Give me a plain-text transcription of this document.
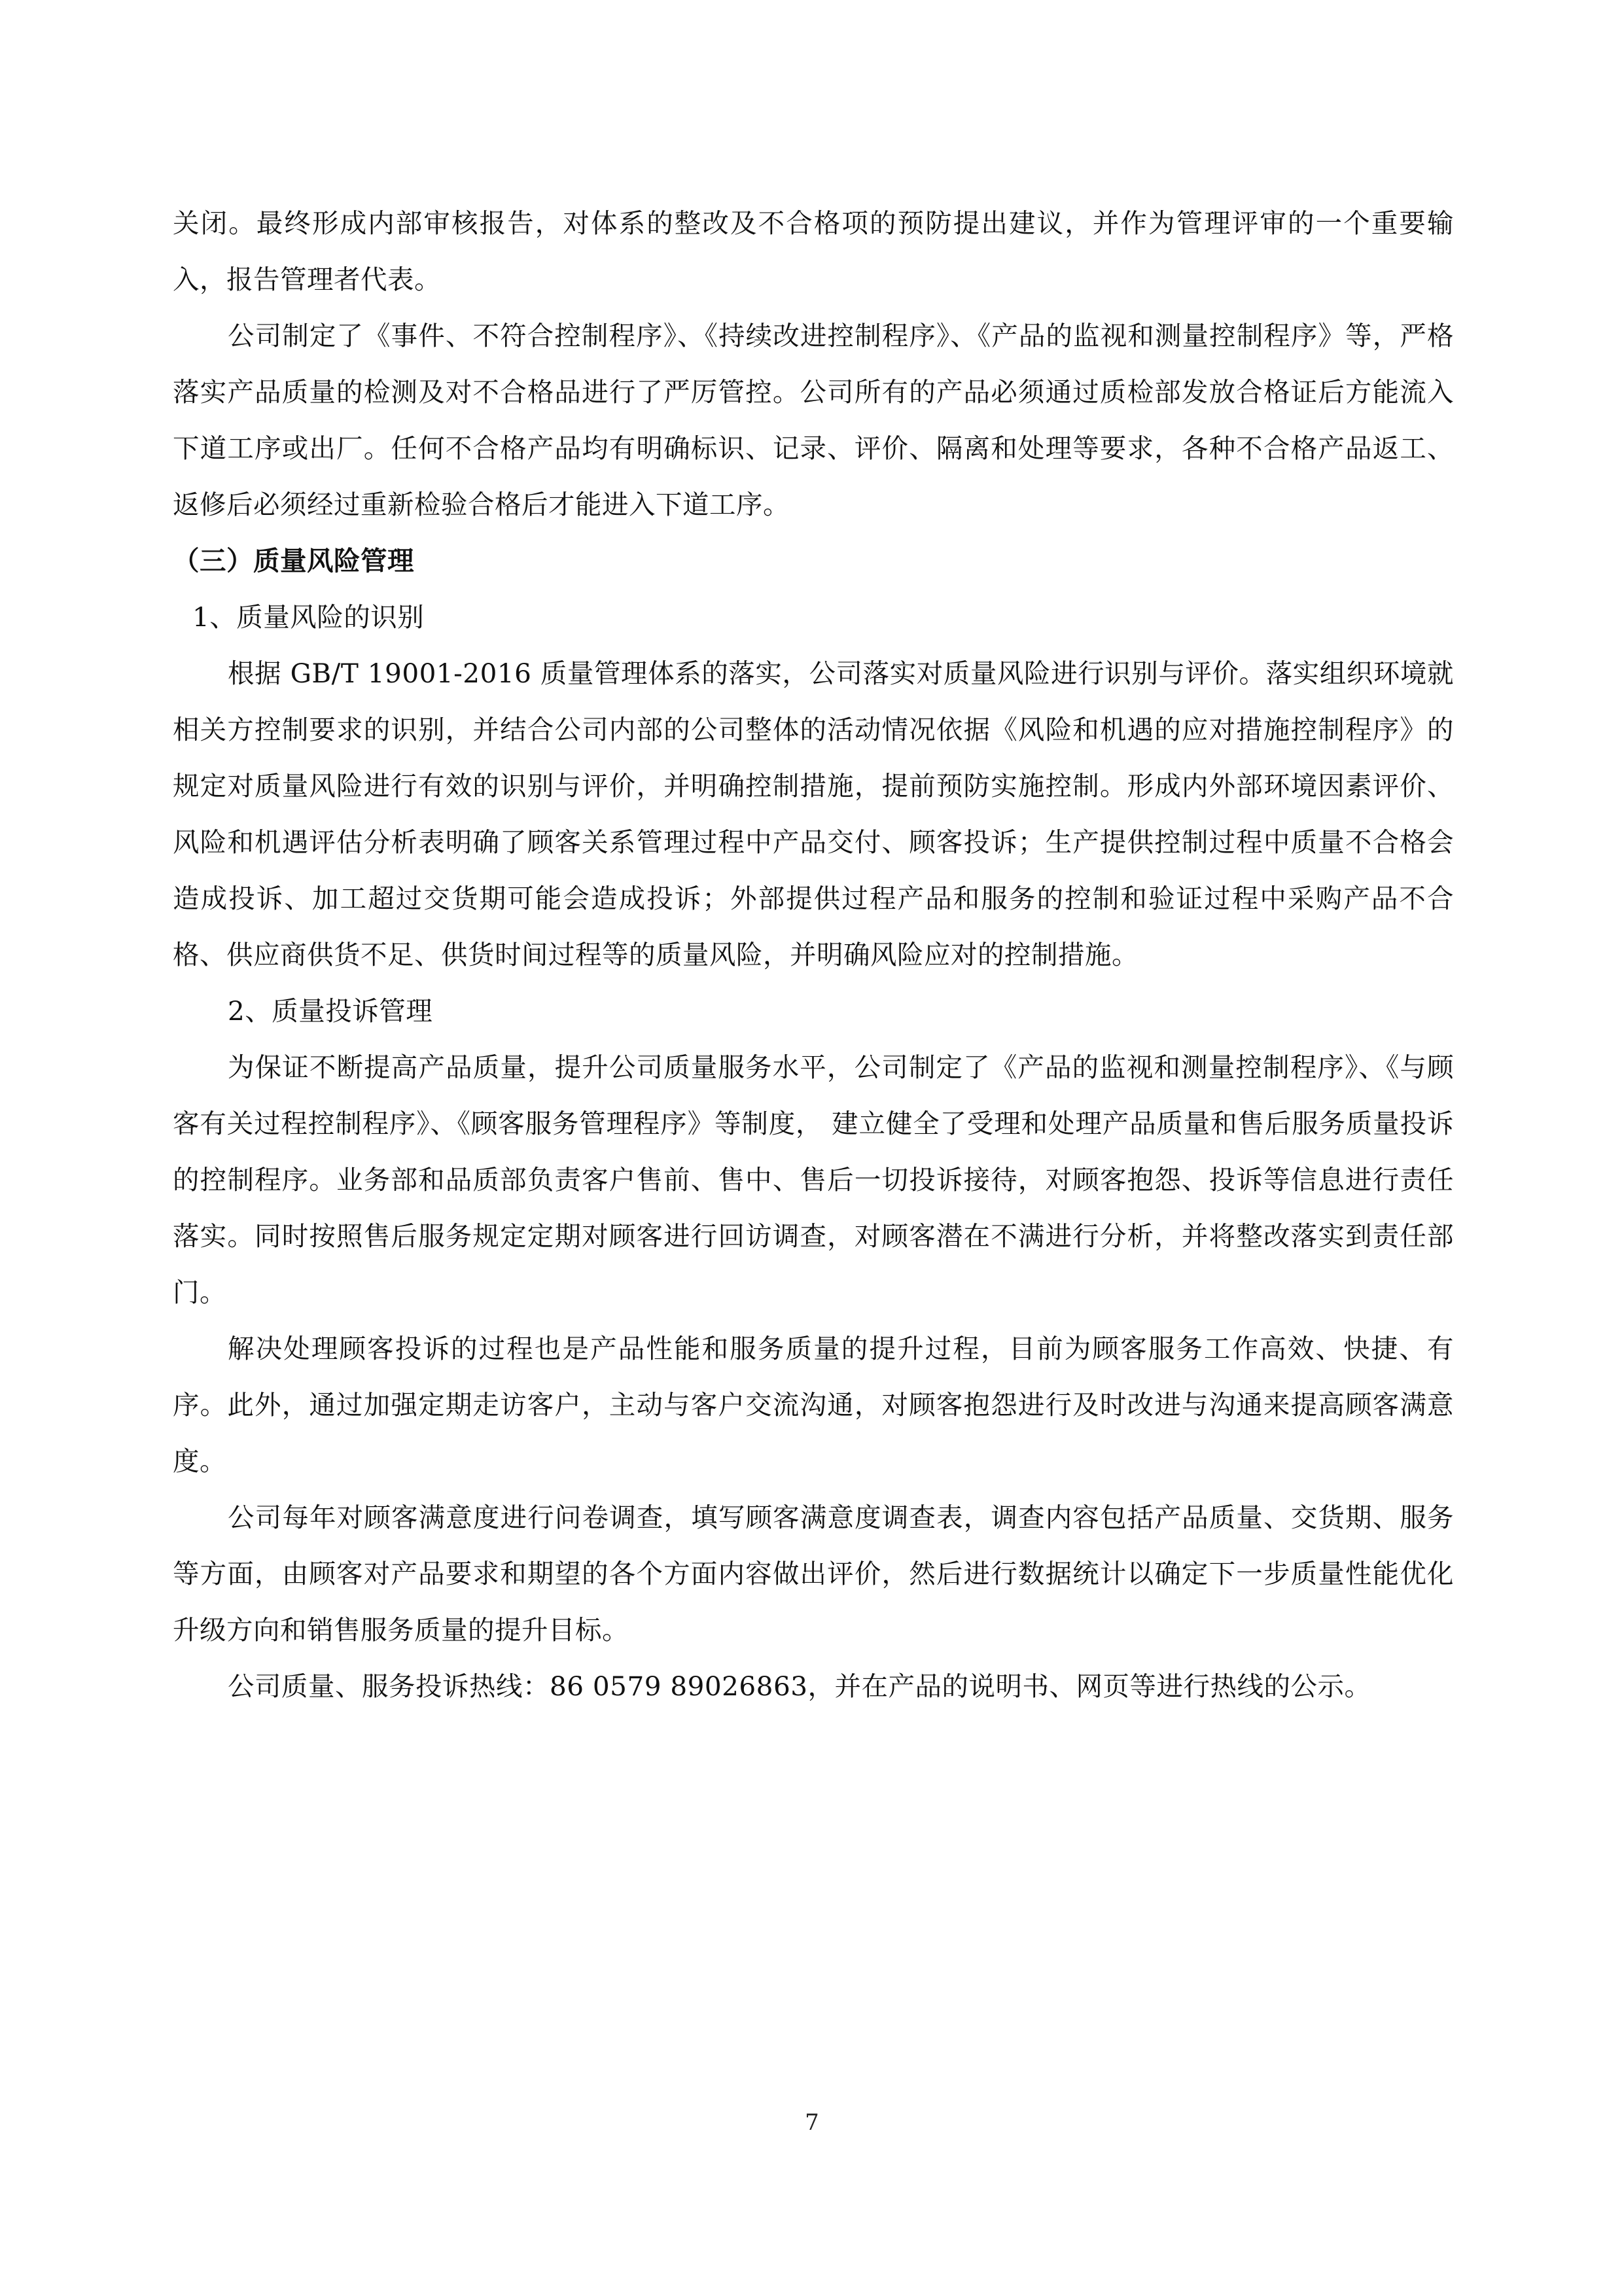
关闭。最终形成内部审核报告，对体系的整改及不合格项的预防提出建议，并作为管理评审的一个重要输入，报告管理者代表。

公司制定了《事件、不符合控制程序》、《持续改进控制程序》、《产品的监视和测量控制程序》等，严格落实产品质量的检测及对不合格品进行了严厉管控。公司所有的产品必须通过质检部发放合格证后方能流入下道工序或出厂。任何不合格产品均有明确标识、记录、评价、隔离和处理等要求，各种不合格产品返工、返修后必须经过重新检验合格后才能进入下道工序。

（三）质量风险管理

1、质量风险的识别

根据 GB/T 19001-2016 质量管理体系的落实，公司落实对质量风险进行识别与评价。落实组织环境就相关方控制要求的识别，并结合公司内部的公司整体的活动情况依据《风险和机遇的应对措施控制程序》的规定对质量风险进行有效的识别与评价，并明确控制措施，提前预防实施控制。形成内外部环境因素评价、风险和机遇评估分析表明确了顾客关系管理过程中产品交付、顾客投诉；生产提供控制过程中质量不合格会造成投诉、加工超过交货期可能会造成投诉；外部提供过程产品和服务的控制和验证过程中采购产品不合格、供应商供货不足、供货时间过程等的质量风险，并明确风险应对的控制措施。

2、质量投诉管理

为保证不断提高产品质量，提升公司质量服务水平，公司制定了《产品的监视和测量控制程序》、《与顾客有关过程控制程序》、《顾客服务管理程序》等制度， 建立健全了受理和处理产品质量和售后服务质量投诉的控制程序。业务部和品质部负责客户售前、售中、售后一切投诉接待，对顾客抱怨、投诉等信息进行责任落实。同时按照售后服务规定定期对顾客进行回访调查，对顾客潜在不满进行分析，并将整改落实到责任部门。

解决处理顾客投诉的过程也是产品性能和服务质量的提升过程，目前为顾客服务工作高效、快捷、有序。此外，通过加强定期走访客户，主动与客户交流沟通，对顾客抱怨进行及时改进与沟通来提高顾客满意度。

公司每年对顾客满意度进行问卷调查，填写顾客满意度调查表，调查内容包括产品质量、交货期、服务等方面，由顾客对产品要求和期望的各个方面内容做出评价，然后进行数据统计以确定下一步质量性能优化升级方向和销售服务质量的提升目标。

公司质量、服务投诉热线：86 0579 89026863，并在产品的说明书、网页等进行热线的公示。

7
